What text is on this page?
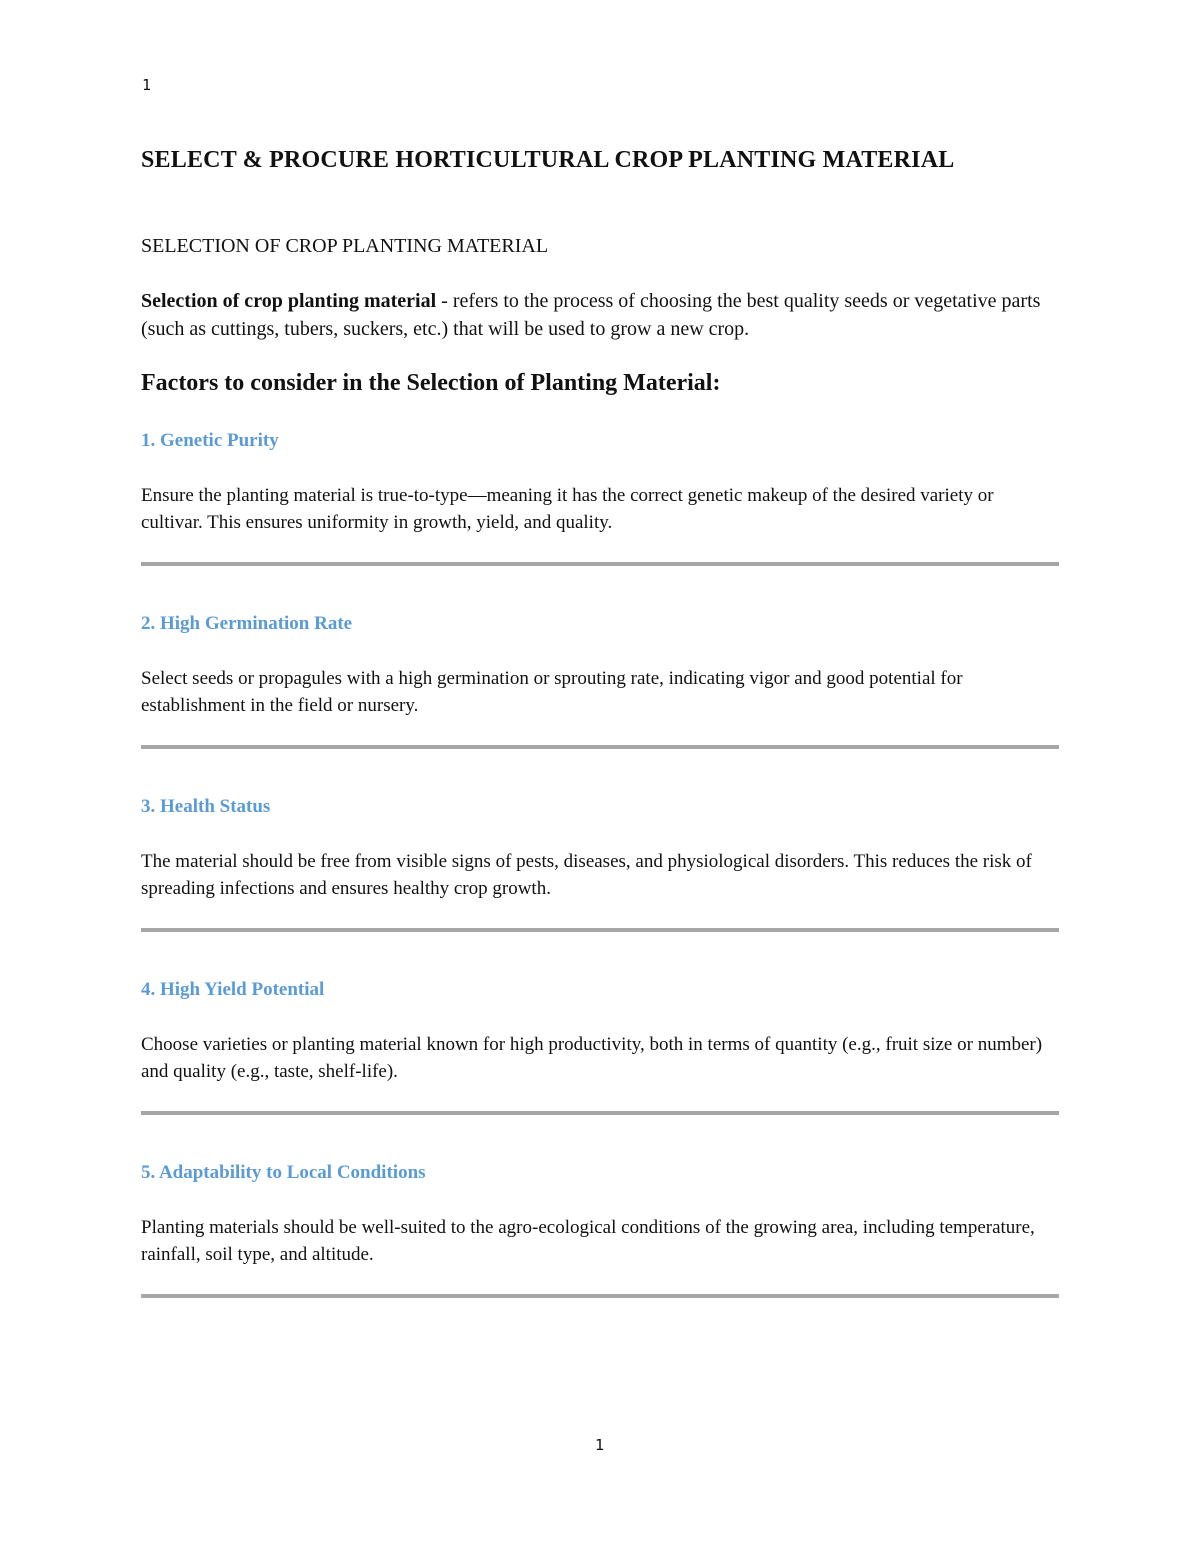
1
SELECT & PROCURE HORTICULTURAL CROP PLANTING MATERIAL
SELECTION OF CROP PLANTING MATERIAL
Selection of crop planting material - refers to the process of choosing the best quality seeds or vegetative parts (such as cuttings, tubers, suckers, etc.) that will be used to grow a new crop.
Factors to consider in the Selection of Planting Material:
1. Genetic Purity

Ensure the planting material is true-to-type—meaning it has the correct genetic makeup of the desired variety or cultivar. This ensures uniformity in growth, yield, and quality.

2. High Germination Rate

Select seeds or propagules with a high germination or sprouting rate, indicating vigor and good potential for establishment in the field or nursery.

3. Health Status

The material should be free from visible signs of pests, diseases, and physiological disorders. This reduces the risk of spreading infections and ensures healthy crop growth.

4. High Yield Potential

Choose varieties or planting material known for high productivity, both in terms of quantity (e.g., fruit size or number) and quality (e.g., taste, shelf-life).

5. Adaptability to Local Conditions

Planting materials should be well-suited to the agro-ecological conditions of the growing area, including temperature, rainfall, soil type, and altitude.

1
